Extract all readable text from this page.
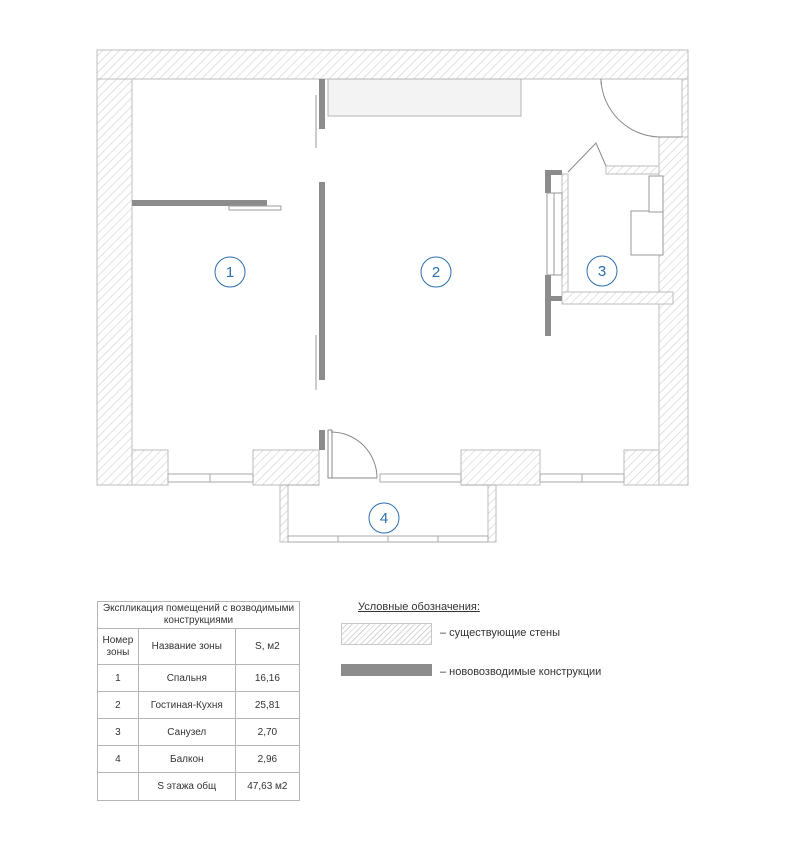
1	2	3
4
Экспликация помещений с возводимыми конструкциями		
Номер зоны	Название зоны	S, м2
1	Спальня	16,16
2	Гостиная-Кухня	25,81
3	Санузел	2,70
4	Балкон	2,96
	S этажа общ	47,63 м2
Условные обозначения:
– существующие стены
– нововозводимые конструкции
